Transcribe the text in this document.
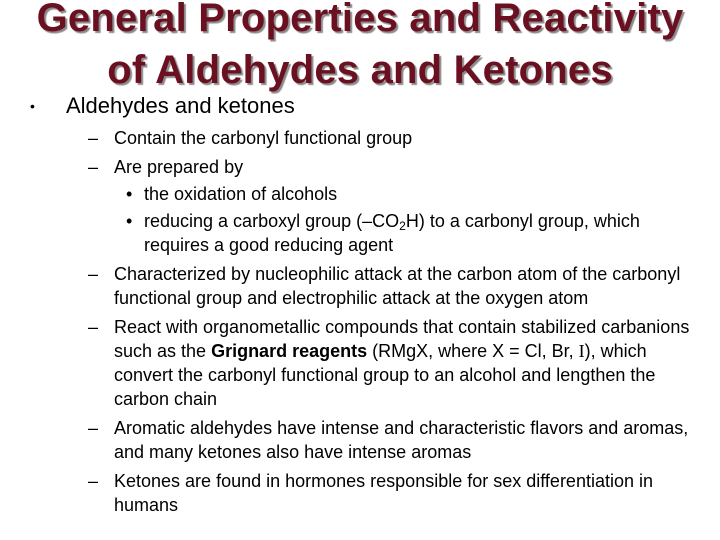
General Properties and Reactivity
of Aldehydes and Ketones
• Aldehydes and ketones
– Contain the carbonyl functional group
– Are prepared by
• the oxidation of alcohols
• reducing a carboxyl group $(-CO_2H)$ to a carbonyl group, which requires a good reducing agent
– Characterized by nucleophilic attack at the carbon atom of the carbonyl functional group and electrophilic attack at the oxygen atom
– React with organometallic compounds that contain stabilized carbanions such as the Grignard reagents (RMgX, where X = Cl, Br, I), which convert the carbonyl functional group to an alcohol and lengthen the carbon chain
– Aromatic aldehydes have intense and characteristic flavors and aromas, and many ketones also have intense aromas
– Ketones are found in hormones responsible for sex differentiation in humans
